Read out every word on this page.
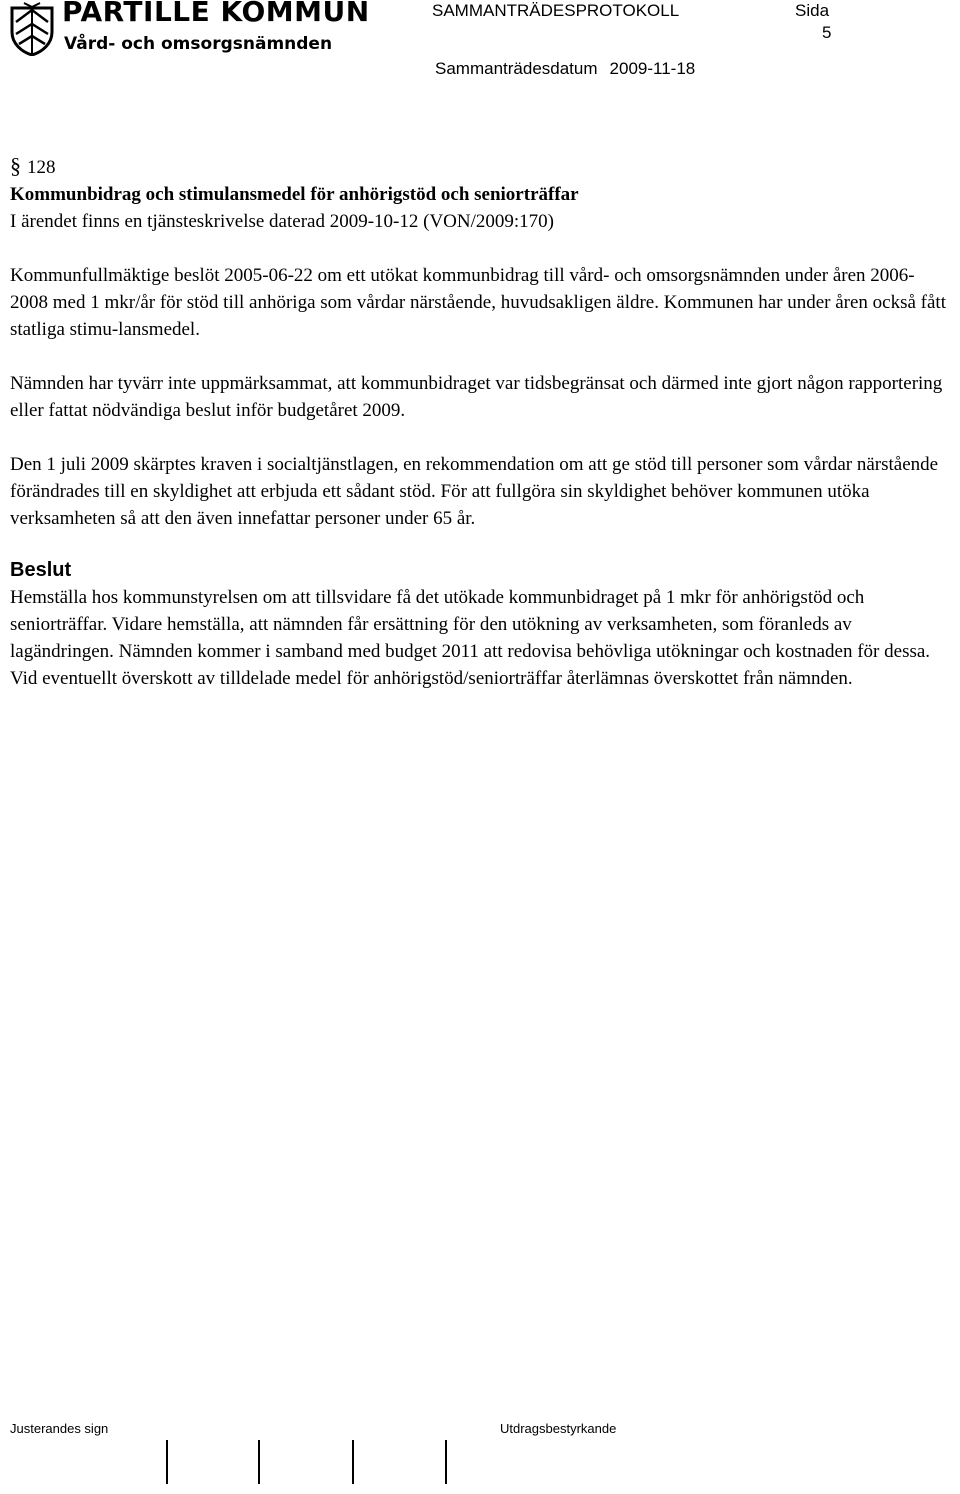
PARTILLE KOMMUN
Vård- och omsorgsnämnden
SAMMANTRÄDESPROTOKOLL	Sida
5
Sammanträdesdatum 2009-11-18

§ 128

Kommunbidrag och stimulansmedel för anhörigstöd och seniorträffar

I ärendet finns en tjänsteskrivelse daterad 2009-10-12 (VON/2009:170)

Kommunfullmäktige beslöt 2005-06-22 om ett utökat kommunbidrag till vård- och omsorgsnämnden under åren 2006-2008 med 1 mkr/år för stöd till anhöriga som vårdar närstående, huvudsakligen äldre. Kommunen har under åren också fått statliga stimu-lansmedel.

Nämnden har tyvärr inte uppmärksammat, att kommunbidraget var tidsbegränsat och därmed inte gjort någon rapportering eller fattat nödvändiga beslut inför budgetåret 2009.

Den 1 juli 2009 skärptes kraven i socialtjänstlagen, en rekommendation om att ge stöd till personer som vårdar närstående förändrades till en skyldighet att erbjuda ett sådant stöd. För att fullgöra sin skyldighet behöver kommunen utöka verksamheten så att den även innefattar personer under 65 år.

Beslut

Hemställa hos kommunstyrelsen om att tillsvidare få det utökade kommunbidraget på 1 mkr för anhörigstöd och seniorträffar. Vidare hemställa, att nämnden får ersättning för den utökning av verksamheten, som föranleds av lagändringen. Nämnden kommer i samband med budget 2011 att redovisa behövliga utökningar och kostnaden för dessa. Vid eventuellt överskott av tilldelade medel för anhörigstöd/seniorträffar återlämnas överskottet från nämnden.

Justerandes sign	Utdragsbestyrkande
